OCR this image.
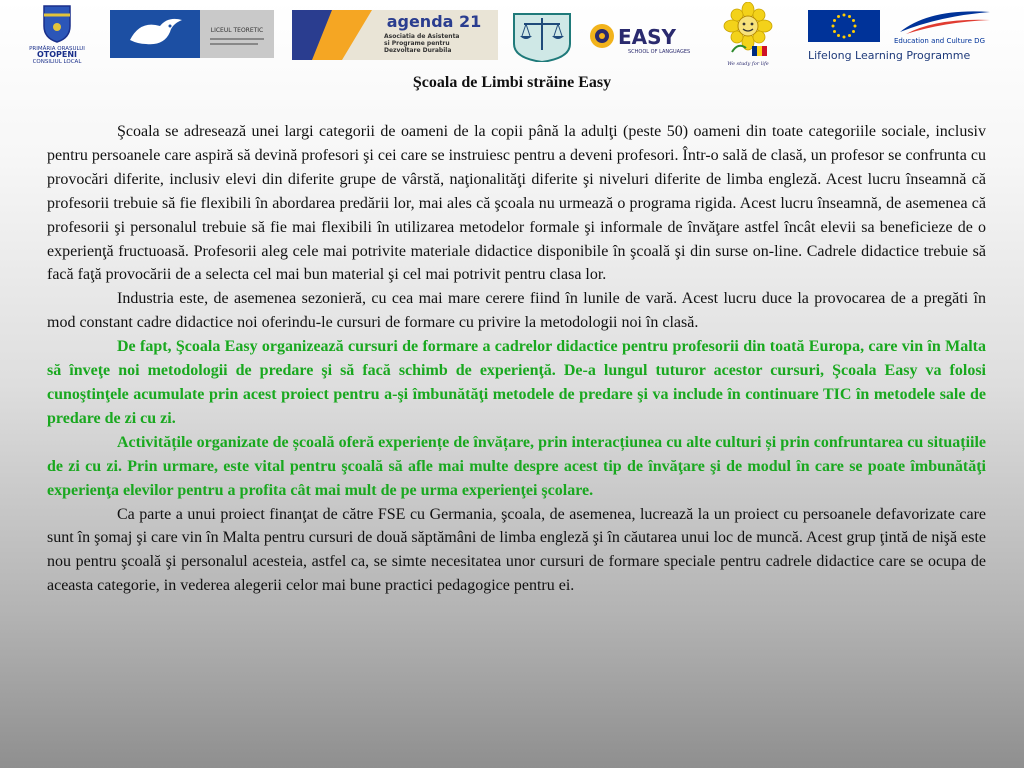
PRIMĂRIA ORAȘULUI
OTOPENI
CONSILIUL LOCAL
LICEUL TEORETIC	agenda 21
Asociatia de Asistenta si Programe pentru Dezvoltare Durabila
EASY
SCHOOL OF LANGUAGES
We study for life
Education and Culture DG
Lifelong Learning Programme
Şcoala de Limbi străine Easy

Şcoala se adresează unei largi categorii de oameni de la copii până la adulţi (peste 50) oameni din toate categoriile sociale, inclusiv pentru persoanele care aspiră să devină profesori şi cei care se instruiesc pentru a deveni profesori. Într-o sală de clasă, un profesor se confrunta cu provocări diferite, inclusiv elevi din diferite grupe de vârstă, naţionalităţi diferite şi niveluri diferite de limba engleză. Acest lucru înseamnă că profesorii trebuie să fie flexibili în abordarea predării lor, mai ales că şcoala nu urmează o programa rigida. Acest lucru înseamnă, de asemenea că profesorii şi personalul trebuie să fie mai flexibili în utilizarea metodelor formale şi informale de învăţare astfel încât elevii sa beneficieze de o experienţă fructuoasă. Profesorii aleg cele mai potrivite materiale didactice disponibile în şcoală şi din surse on-line. Cadrele didactice trebuie să facă faţă provocării de a selecta cel mai bun material şi cel mai potrivit pentru clasa lor.

Industria este, de asemenea sezonieră, cu cea mai mare cerere fiind în lunile de vară. Acest lucru duce la provocarea de a pregăti în mod constant cadre didactice noi oferindu-le cursuri de formare cu privire la metodologii noi în clasă.

De fapt, Şcoala Easy organizează cursuri de formare a cadrelor didactice pentru profesorii din toată Europa, care vin în Malta să înveţe noi metodologii de predare şi să facă schimb de experienţă. De-a lungul tuturor acestor cursuri, Şcoala Easy va folosi cunoştinţele acumulate prin acest proiect pentru a-şi îmbunătăţi metodele de predare şi va include în continuare TIC în metodele sale de predare de zi cu zi.

Activitățile organizate de școală oferă experiențe de învățare, prin interacțiunea cu alte culturi și prin confruntarea cu situațiile de zi cu zi. Prin urmare, este vital pentru şcoală să afle mai multe despre acest tip de învăţare şi de modul în care se poate îmbunătăţi experienţa elevilor pentru a profita cât mai mult de pe urma experienţei şcolare.

Ca parte a unui proiect finanţat de către FSE cu Germania, şcoala, de asemenea, lucrează la un proiect cu persoanele defavorizate care sunt în şomaj şi care vin în Malta pentru cursuri de două săptămâni de limba engleză şi în căutarea unui loc de muncă. Acest grup ţintă de nişă este nou pentru şcoală şi personalul acesteia, astfel ca, se simte necesitatea unor cursuri de formare speciale pentru cadrele didactice care se ocupa de aceasta categorie, in vederea alegerii celor mai bune practici pedagogice pentru ei.
